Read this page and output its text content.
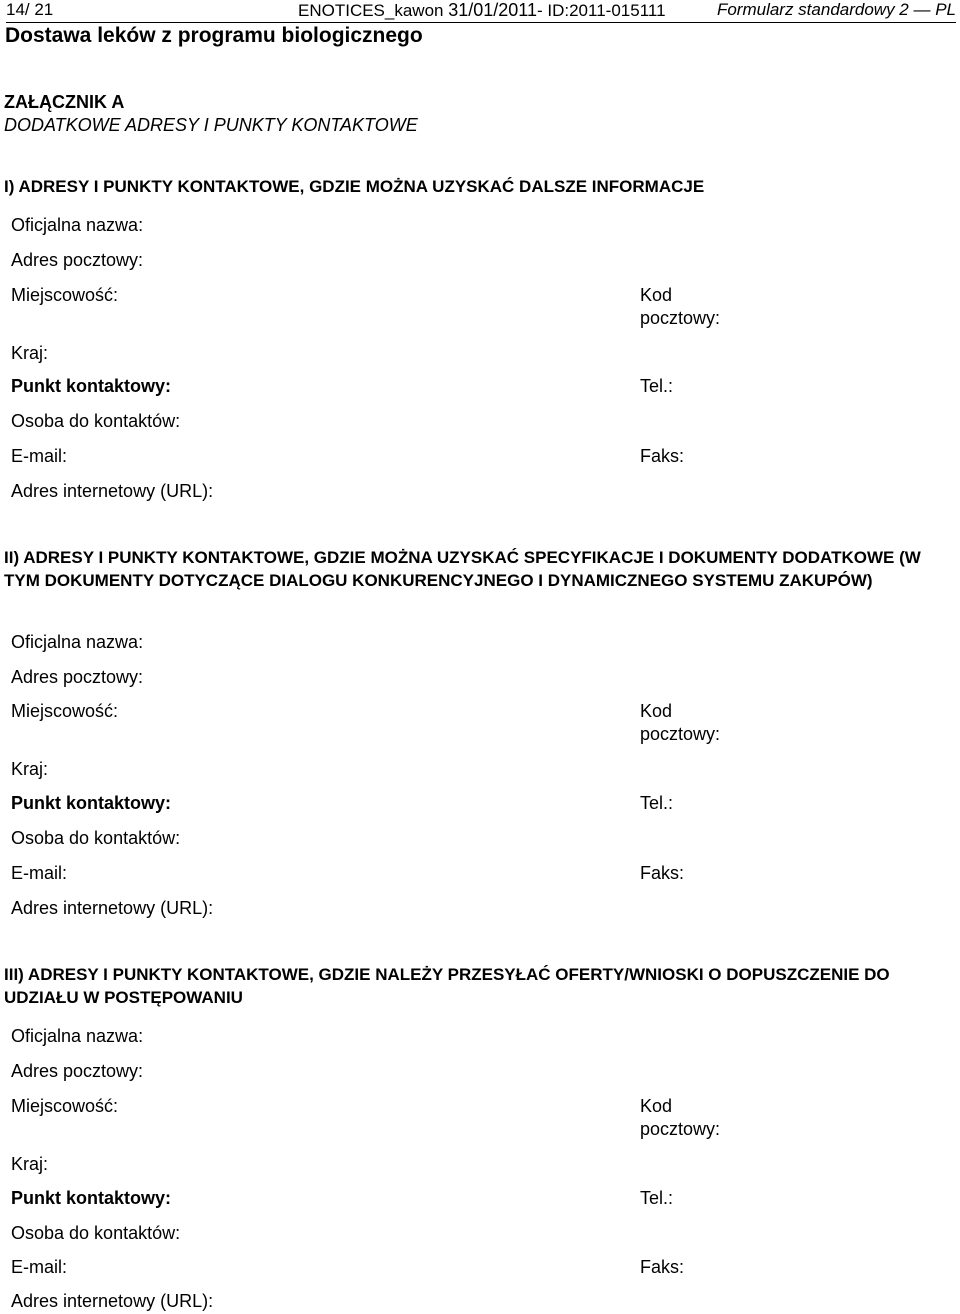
14/ 21	ENOTICES_kawon 31/01/2011- ID:2011-015111	Formularz standardowy 2 — PL
Dostawa leków z programu biologicznego
ZAŁĄCZNIK A
DODATKOWE ADRESY I PUNKTY KONTAKTOWE
I) ADRESY I PUNKTY KONTAKTOWE, GDZIE MOŻNA UZYSKAĆ DALSZE INFORMACJE
Oficjalna nazwa:
Adres pocztowy:
Miejscowość:	Kod pocztowy:
Kraj:
Punkt kontaktowy:	Tel.:
Osoba do kontaktów:
E-mail:	Faks:
Adres internetowy (URL):
II) ADRESY I PUNKTY KONTAKTOWE, GDZIE MOŻNA UZYSKAĆ SPECYFIKACJE I DOKUMENTY DODATKOWE (W TYM DOKUMENTY DOTYCZĄCE DIALOGU KONKURENCYJNEGO I DYNAMICZNEGO SYSTEMU ZAKUPÓW)
Oficjalna nazwa:
Adres pocztowy:
Miejscowość:	Kod pocztowy:
Kraj:
Punkt kontaktowy:	Tel.:
Osoba do kontaktów:
E-mail:	Faks:
Adres internetowy (URL):
III) ADRESY I PUNKTY KONTAKTOWE, GDZIE NALEŻY PRZESYŁAĆ OFERTY/WNIOSKI O DOPUSZCZENIE DO UDZIAŁU W POSTĘPOWANIU
Oficjalna nazwa:
Adres pocztowy:
Miejscowość:	Kod pocztowy:
Kraj:
Punkt kontaktowy:	Tel.:
Osoba do kontaktów:
E-mail:	Faks:
Adres internetowy (URL):
